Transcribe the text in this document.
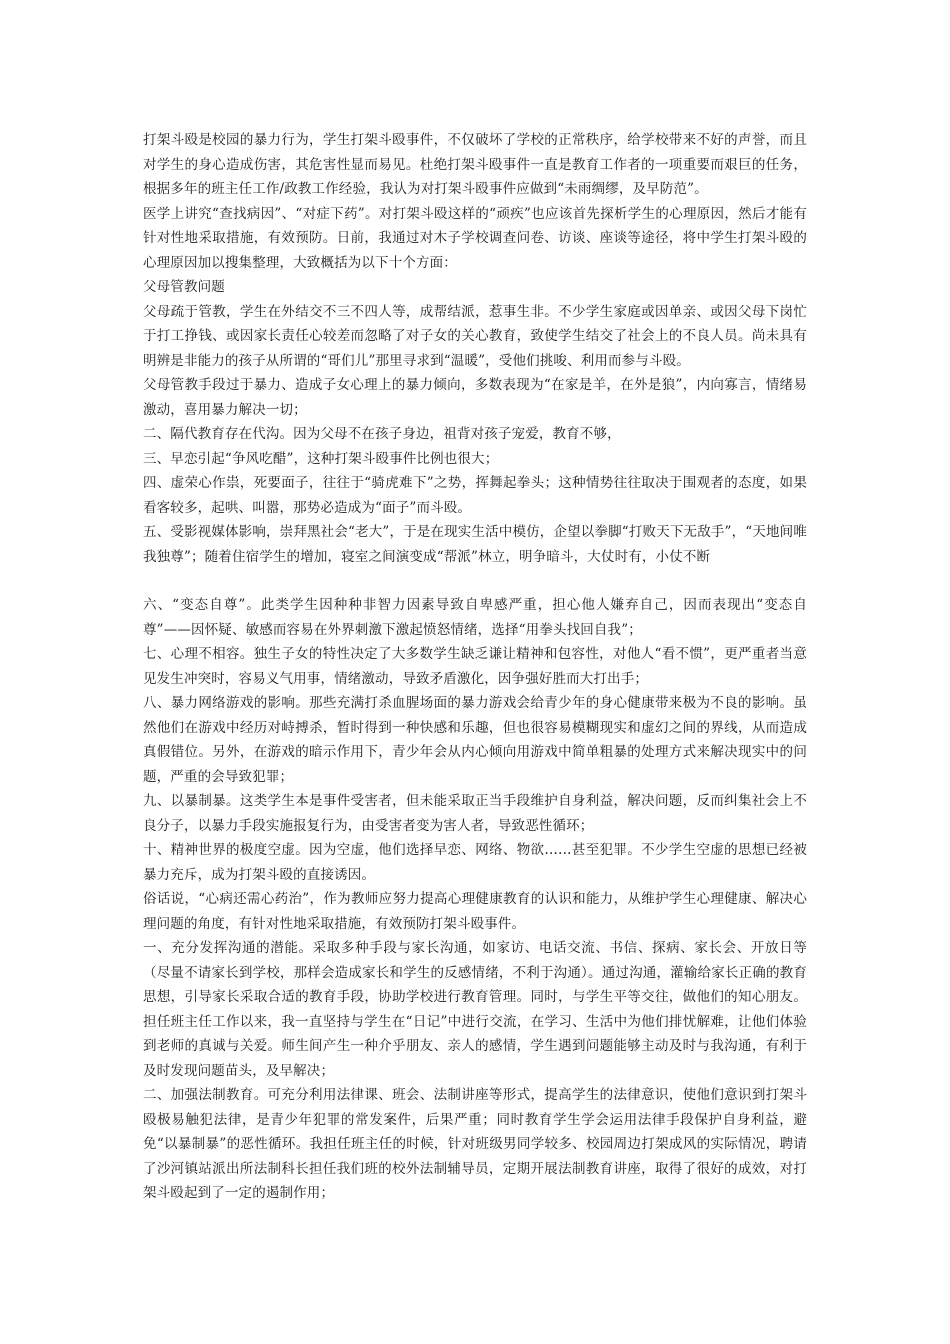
打架斗殴是校园的暴力行为，学生打架斗殴事件，不仅破坏了学校的正常秩序，给学校带来不好的声誉，而且对学生的身心造成伤害，其危害性显而易见。杜绝打架斗殴事件一直是教育工作者的一项重要而艰巨的任务，根据多年的班主任工作/政教工作经验，我认为对打架斗殴事件应做到“未雨绸缪，及早防范”。

医学上讲究“查找病因”、“对症下药”。对打架斗殴这样的“顽疾”也应该首先探析学生的心理原因，然后才能有针对性地采取措施，有效预防。日前，我通过对木子学校调查问卷、访谈、座谈等途径，将中学生打架斗殴的心理原因加以搜集整理，大致概括为以下十个方面：

父母管教问题

父母疏于管教，学生在外结交不三不四人等，成帮结派，惹事生非。不少学生家庭或因单亲、或因父母下岗忙于打工挣钱、或因家长责任心较差而忽略了对子女的关心教育，致使学生结交了社会上的不良人员。尚未具有明辨是非能力的孩子从所谓的“哥们儿”那里寻求到“温暖”，受他们挑唆、利用而参与斗殴。

父母管教手段过于暴力、造成子女心理上的暴力倾向，多数表现为“在家是羊，在外是狼”，内向寡言，情绪易激动，喜用暴力解决一切；

二、隔代教育存在代沟。因为父母不在孩子身边，祖背对孩子宠爱，教育不够，

三、早恋引起“争风吃醋”，这种打架斗殴事件比例也很大；

四、虚荣心作祟，死要面子，往往于“骑虎难下”之势，挥舞起拳头；这种情势往往取决于围观者的态度，如果看客较多，起哄、叫嚣，那势必造成为“面子”而斗殴。

五、受影视媒体影响，崇拜黑社会“老大”，于是在现实生活中模仿，企望以拳脚“打败天下无敌手”，“天地间唯我独尊”；随着住宿学生的增加，寝室之间演变成“帮派”林立，明争暗斗，大仗时有，小仗不断

六、“变态自尊”。此类学生因种种非智力因素导致自卑感严重，担心他人嫌弃自己，因而表现出“变态自尊”——因怀疑、敏感而容易在外界刺激下激起愤怒情绪，选择“用拳头找回自我”；

七、心理不相容。独生子女的特性决定了大多数学生缺乏谦让精神和包容性，对他人“看不惯”，更严重者当意见发生冲突时，容易义气用事，情绪激动，导致矛盾激化，因争强好胜而大打出手；

八、暴力网络游戏的影响。那些充满打杀血腥场面的暴力游戏会给青少年的身心健康带来极为不良的影响。虽然他们在游戏中经历对峙搏杀，暂时得到一种快感和乐趣，但也很容易模糊现实和虚幻之间的界线，从而造成真假错位。另外，在游戏的暗示作用下，青少年会从内心倾向用游戏中简单粗暴的处理方式来解决现实中的问题，严重的会导致犯罪；

九、以暴制暴。这类学生本是事件受害者，但未能采取正当手段维护自身利益，解决问题，反而纠集社会上不良分子，以暴力手段实施报复行为，由受害者变为害人者，导致恶性循环；

十、精神世界的极度空虚。因为空虚，他们选择早恋、网络、物欲……甚至犯罪。不少学生空虚的思想已经被暴力充斥，成为打架斗殴的直接诱因。

俗话说，“心病还需心药治”，作为教师应努力提高心理健康教育的认识和能力，从维护学生心理健康、解决心理问题的角度，有针对性地采取措施，有效预防打架斗殴事件。

一、充分发挥沟通的潜能。采取多种手段与家长沟通，如家访、电话交流、书信、探病、家长会、开放日等（尽量不请家长到学校，那样会造成家长和学生的反感情绪，不利于沟通）。通过沟通，灌输给家长正确的教育思想，引导家长采取合适的教育手段，协助学校进行教育管理。同时，与学生平等交往，做他们的知心朋友。担任班主任工作以来，我一直坚持与学生在“日记”中进行交流，在学习、生活中为他们排忧解难，让他们体验到老师的真诚与关爱。师生间产生一种介乎朋友、亲人的感情，学生遇到问题能够主动及时与我沟通，有利于及时发现问题苗头，及早解决；

二、加强法制教育。可充分利用法律课、班会、法制讲座等形式，提高学生的法律意识，使他们意识到打架斗殴极易触犯法律，是青少年犯罪的常发案件，后果严重；同时教育学生学会运用法律手段保护自身利益，避免“以暴制暴”的恶性循环。我担任班主任的时候，针对班级男同学较多、校园周边打架成风的实际情况，聘请了沙河镇站派出所法制科长担任我们班的校外法制辅导员，定期开展法制教育讲座，取得了很好的成效，对打架斗殴起到了一定的遏制作用；
